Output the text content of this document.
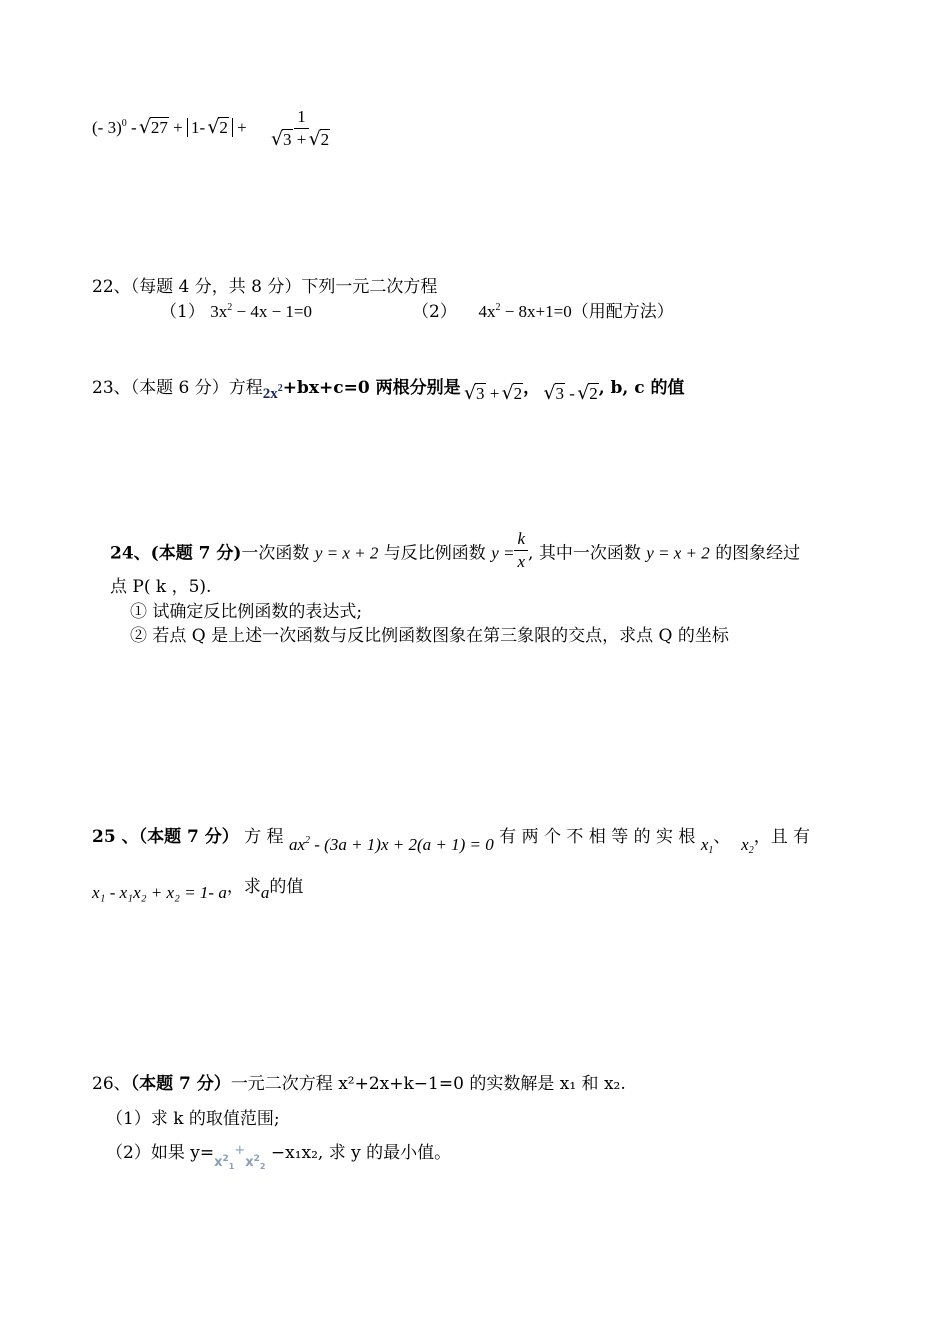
(- 3)$^0$ - √ 27 + 1- √ 2 + 1
√ 3 + √ 2
22、（每题 4 分，共 8 分）下列一元二次方程
（1） $3x^2 - 4x - 1=0$	（2） $4x^2 - 8x+1=0$（用配方法）
23、（本题 6 分）方程$2x^2+bx+c=0$ 两根分别是 √ 3 + √ 2， √ 3 - √ 2, b, c 的值
24、(本题 7 分)一次函数 y = x + 2 与反比例函数 $y = \frac{k}{x}$ , 其中一次函数 y = x + 2 的图象经过
点 P( k ，5).
① 试确定反比例函数的表达式;
② 若点 Q 是上述一次函数与反比例函数图象在第三象限的交点，求点 Q 的坐标
25 、（本题 7 分） 方 程 $ax^2 - (3a + 1)x + 2(a + 1) = 0$ 有 两 个 不 相 等 的 实 根 $x_1$、 $x_2$，且 有
x₁ - x₁x₂ + x₂ = 1- a，求a的值
26、（本题 7 分）一元二次方程 x²+2x+k−1=0 的实数解是 x₁ 和 x₂.
（1）求 k 的取值范围;
（2）如果 $y=_{x^2_1}^+_{x^2_2} -x_1x_2$, 求 y 的最小值。
